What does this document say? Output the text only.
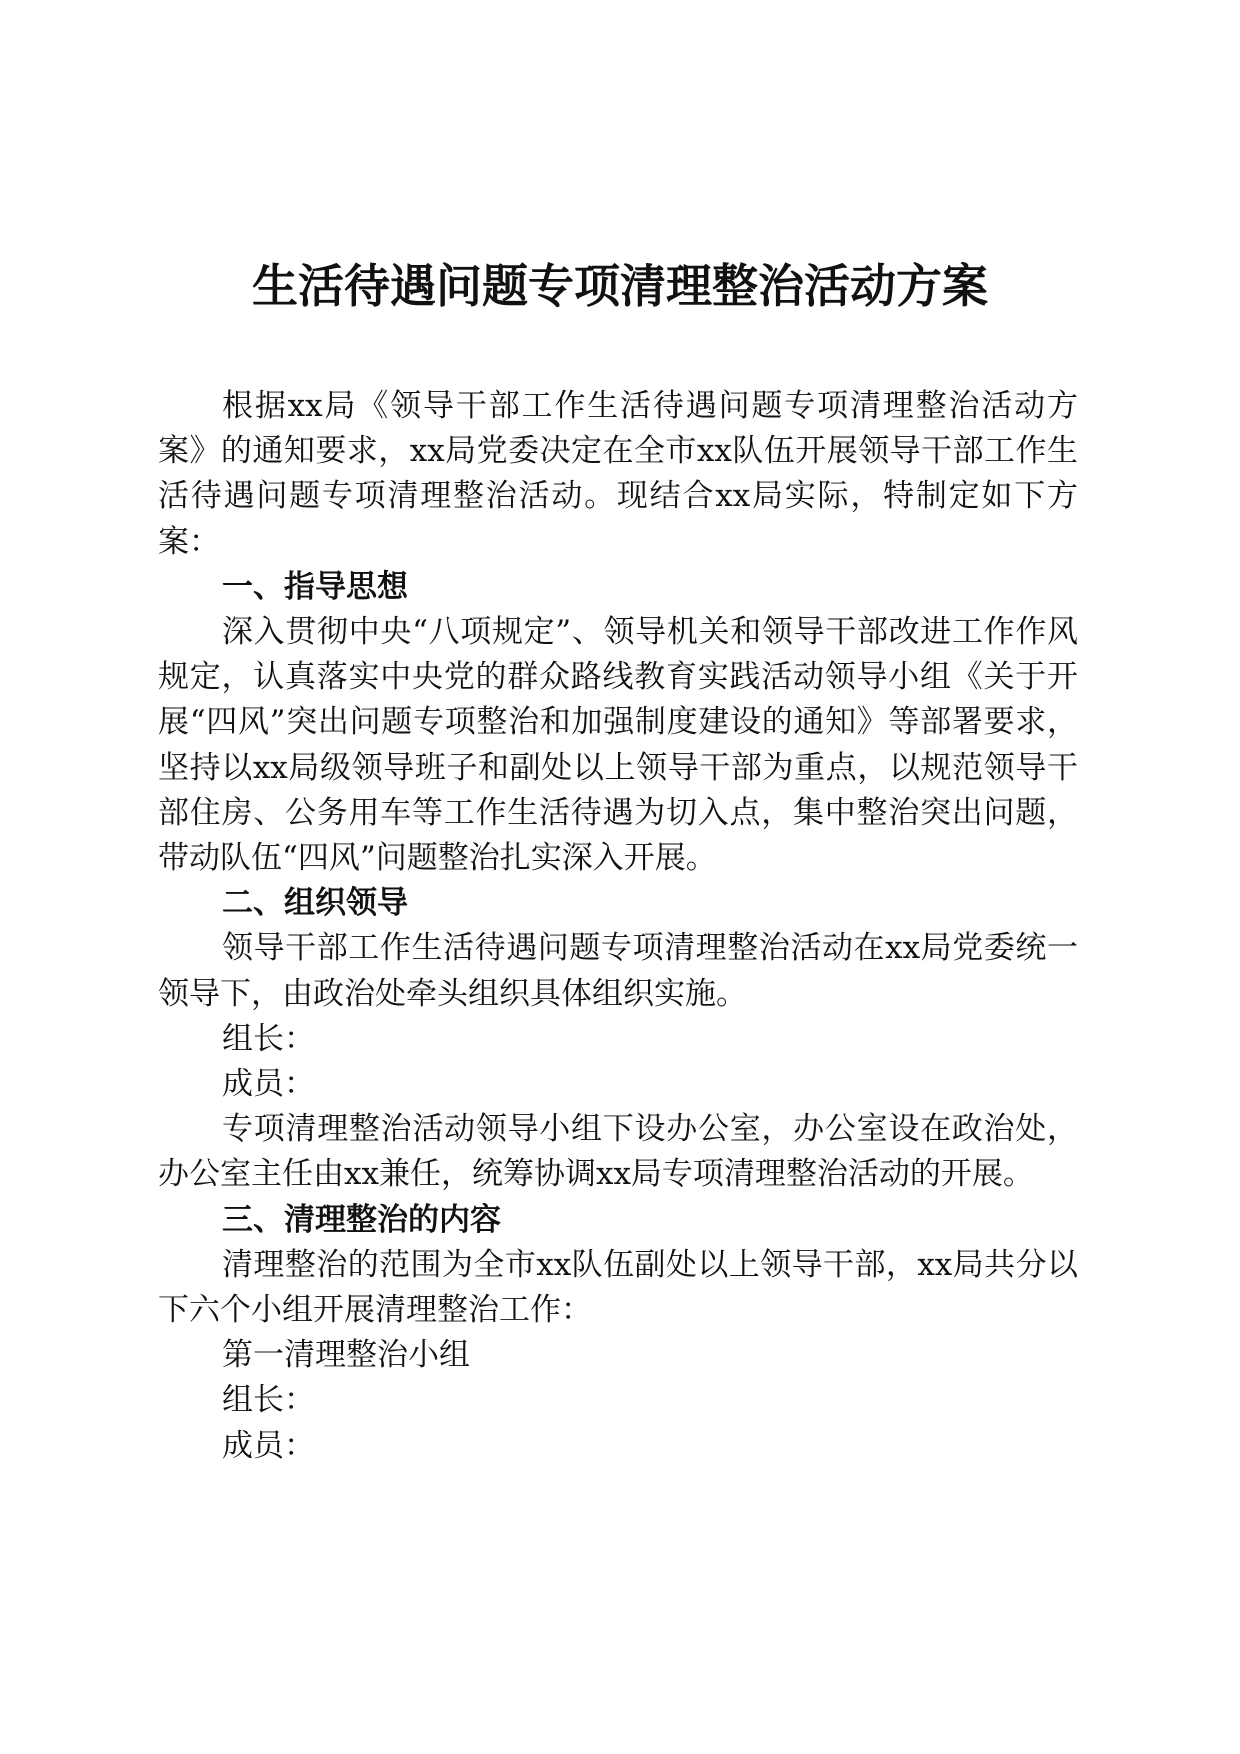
生活待遇问题专项清理整治活动方案

根据xx局《领导干部工作生活待遇问题专项清理整治活动方案》的通知要求，xx局党委决定在全市xx队伍开展领导干部工作生活待遇问题专项清理整治活动。现结合xx局实际，特制定如下方案：

一、指导思想

深入贯彻中央“八项规定”、领导机关和领导干部改进工作作风规定，认真落实中央党的群众路线教育实践活动领导小组《关于开展“四风”突出问题专项整治和加强制度建设的通知》等部署要求，坚持以xx局级领导班子和副处以上领导干部为重点，以规范领导干部住房、公务用车等工作生活待遇为切入点，集中整治突出问题，带动队伍“四风”问题整治扎实深入开展。

二、组织领导

领导干部工作生活待遇问题专项清理整治活动在xx局党委统一领导下，由政治处牵头组织具体组织实施。

组长：

成员：

专项清理整治活动领导小组下设办公室，办公室设在政治处，办公室主任由xx兼任，统筹协调xx局专项清理整治活动的开展。

三、清理整治的内容

清理整治的范围为全市xx队伍副处以上领导干部，xx局共分以下六个小组开展清理整治工作：

第一清理整治小组

组长：

成员：
